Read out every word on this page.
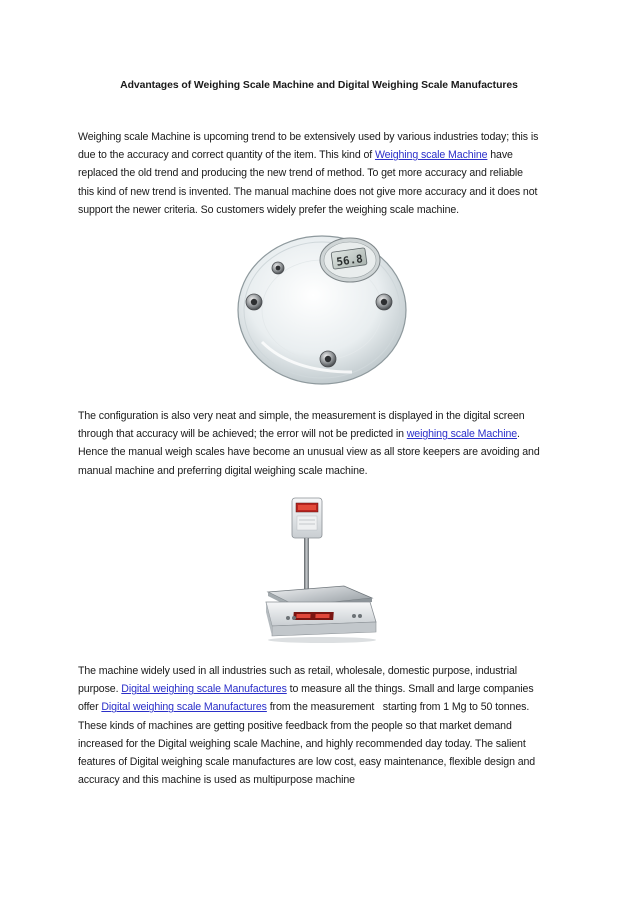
Advantages of Weighing Scale Machine and Digital Weighing Scale Manufactures
Weighing scale Machine is upcoming trend to be extensively used by various industries today; this is
due to the accuracy and correct quantity of the item. This kind of Weighing scale Machine have
replaced the old trend and producing the new trend of method. To get more accuracy and reliable
this kind of new trend is invented. The manual machine does not give more accuracy and it does not
support the newer criteria. So customers widely prefer the weighing scale machine.
56.8
The configuration is also very neat and simple, the measurement is displayed in the digital screen
through that accuracy will be achieved; the error will not be predicted in weighing scale Machine.
Hence the manual weigh scales have become an unusual view as all store keepers are avoiding and
manual machine and preferring digital weighing scale machine.
The machine widely used in all industries such as retail, wholesale, domestic purpose, industrial
purpose. Digital weighing scale Manufactures to measure all the things. Small and large companies
offer Digital weighing scale Manufactures from the measurement   starting from 1 Mg to 50 tonnes.
These kinds of machines are getting positive feedback from the people so that market demand
increased for the Digital weighing scale Machine, and highly recommended day today. The salient
features of Digital weighing scale manufactures are low cost, easy maintenance, flexible design and
accuracy and this machine is used as multipurpose machine
